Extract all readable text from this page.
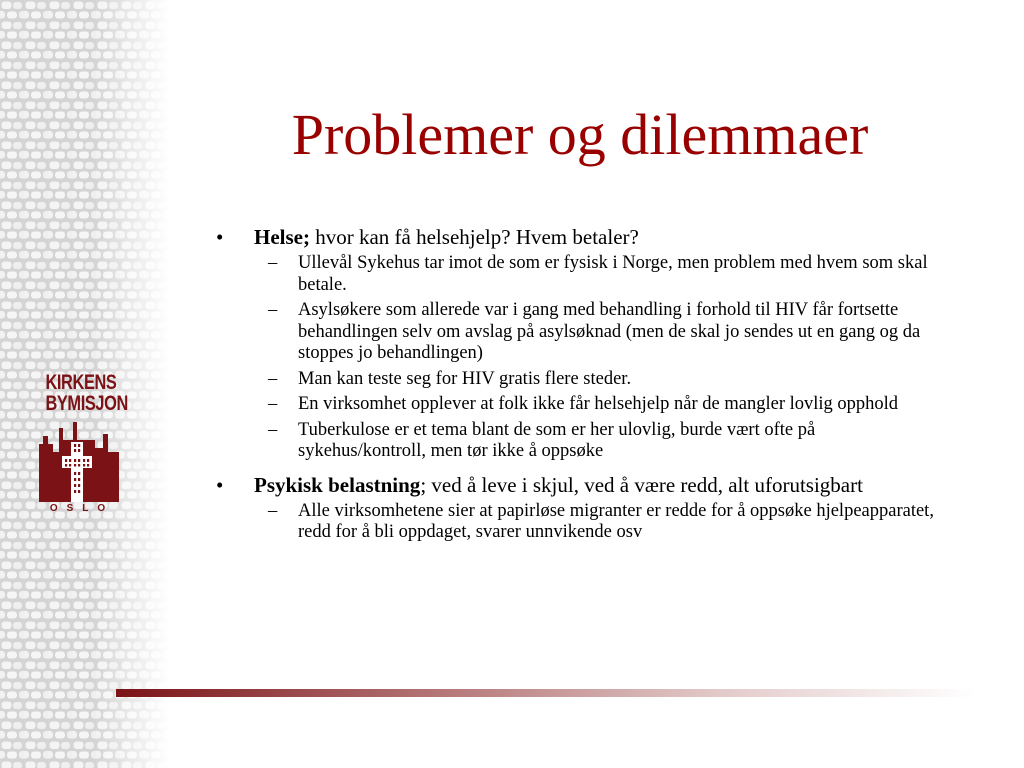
KIRKENS
BYMISJON
OSLO
Problemer og dilemmaer
•	Helse; hvor kan få helsehjelp? Hvem betaler?
– Ullevål Sykehus tar imot de som er fysisk i Norge, men problem med hvem som skal betale.
– Asylsøkere som allerede var i gang med behandling i forhold til HIV får fortsette behandlingen selv om avslag på asylsøknad (men de skal jo sendes ut en gang og da stoppes jo behandlingen)
– Man kan teste seg for HIV gratis flere steder.
– En virksomhet opplever at folk ikke får helsehjelp når de mangler lovlig opphold
– Tuberkulose er et tema blant de som er her ulovlig, burde vært ofte på sykehus/kontroll, men tør ikke å oppsøke
•	Psykisk belastning; ved å leve i skjul, ved å være redd, alt uforutsigbart
– Alle virksomhetene sier at papirløse migranter er redde for å oppsøke hjelpeapparatet, redd for å bli oppdaget, svarer unnvikende osv
